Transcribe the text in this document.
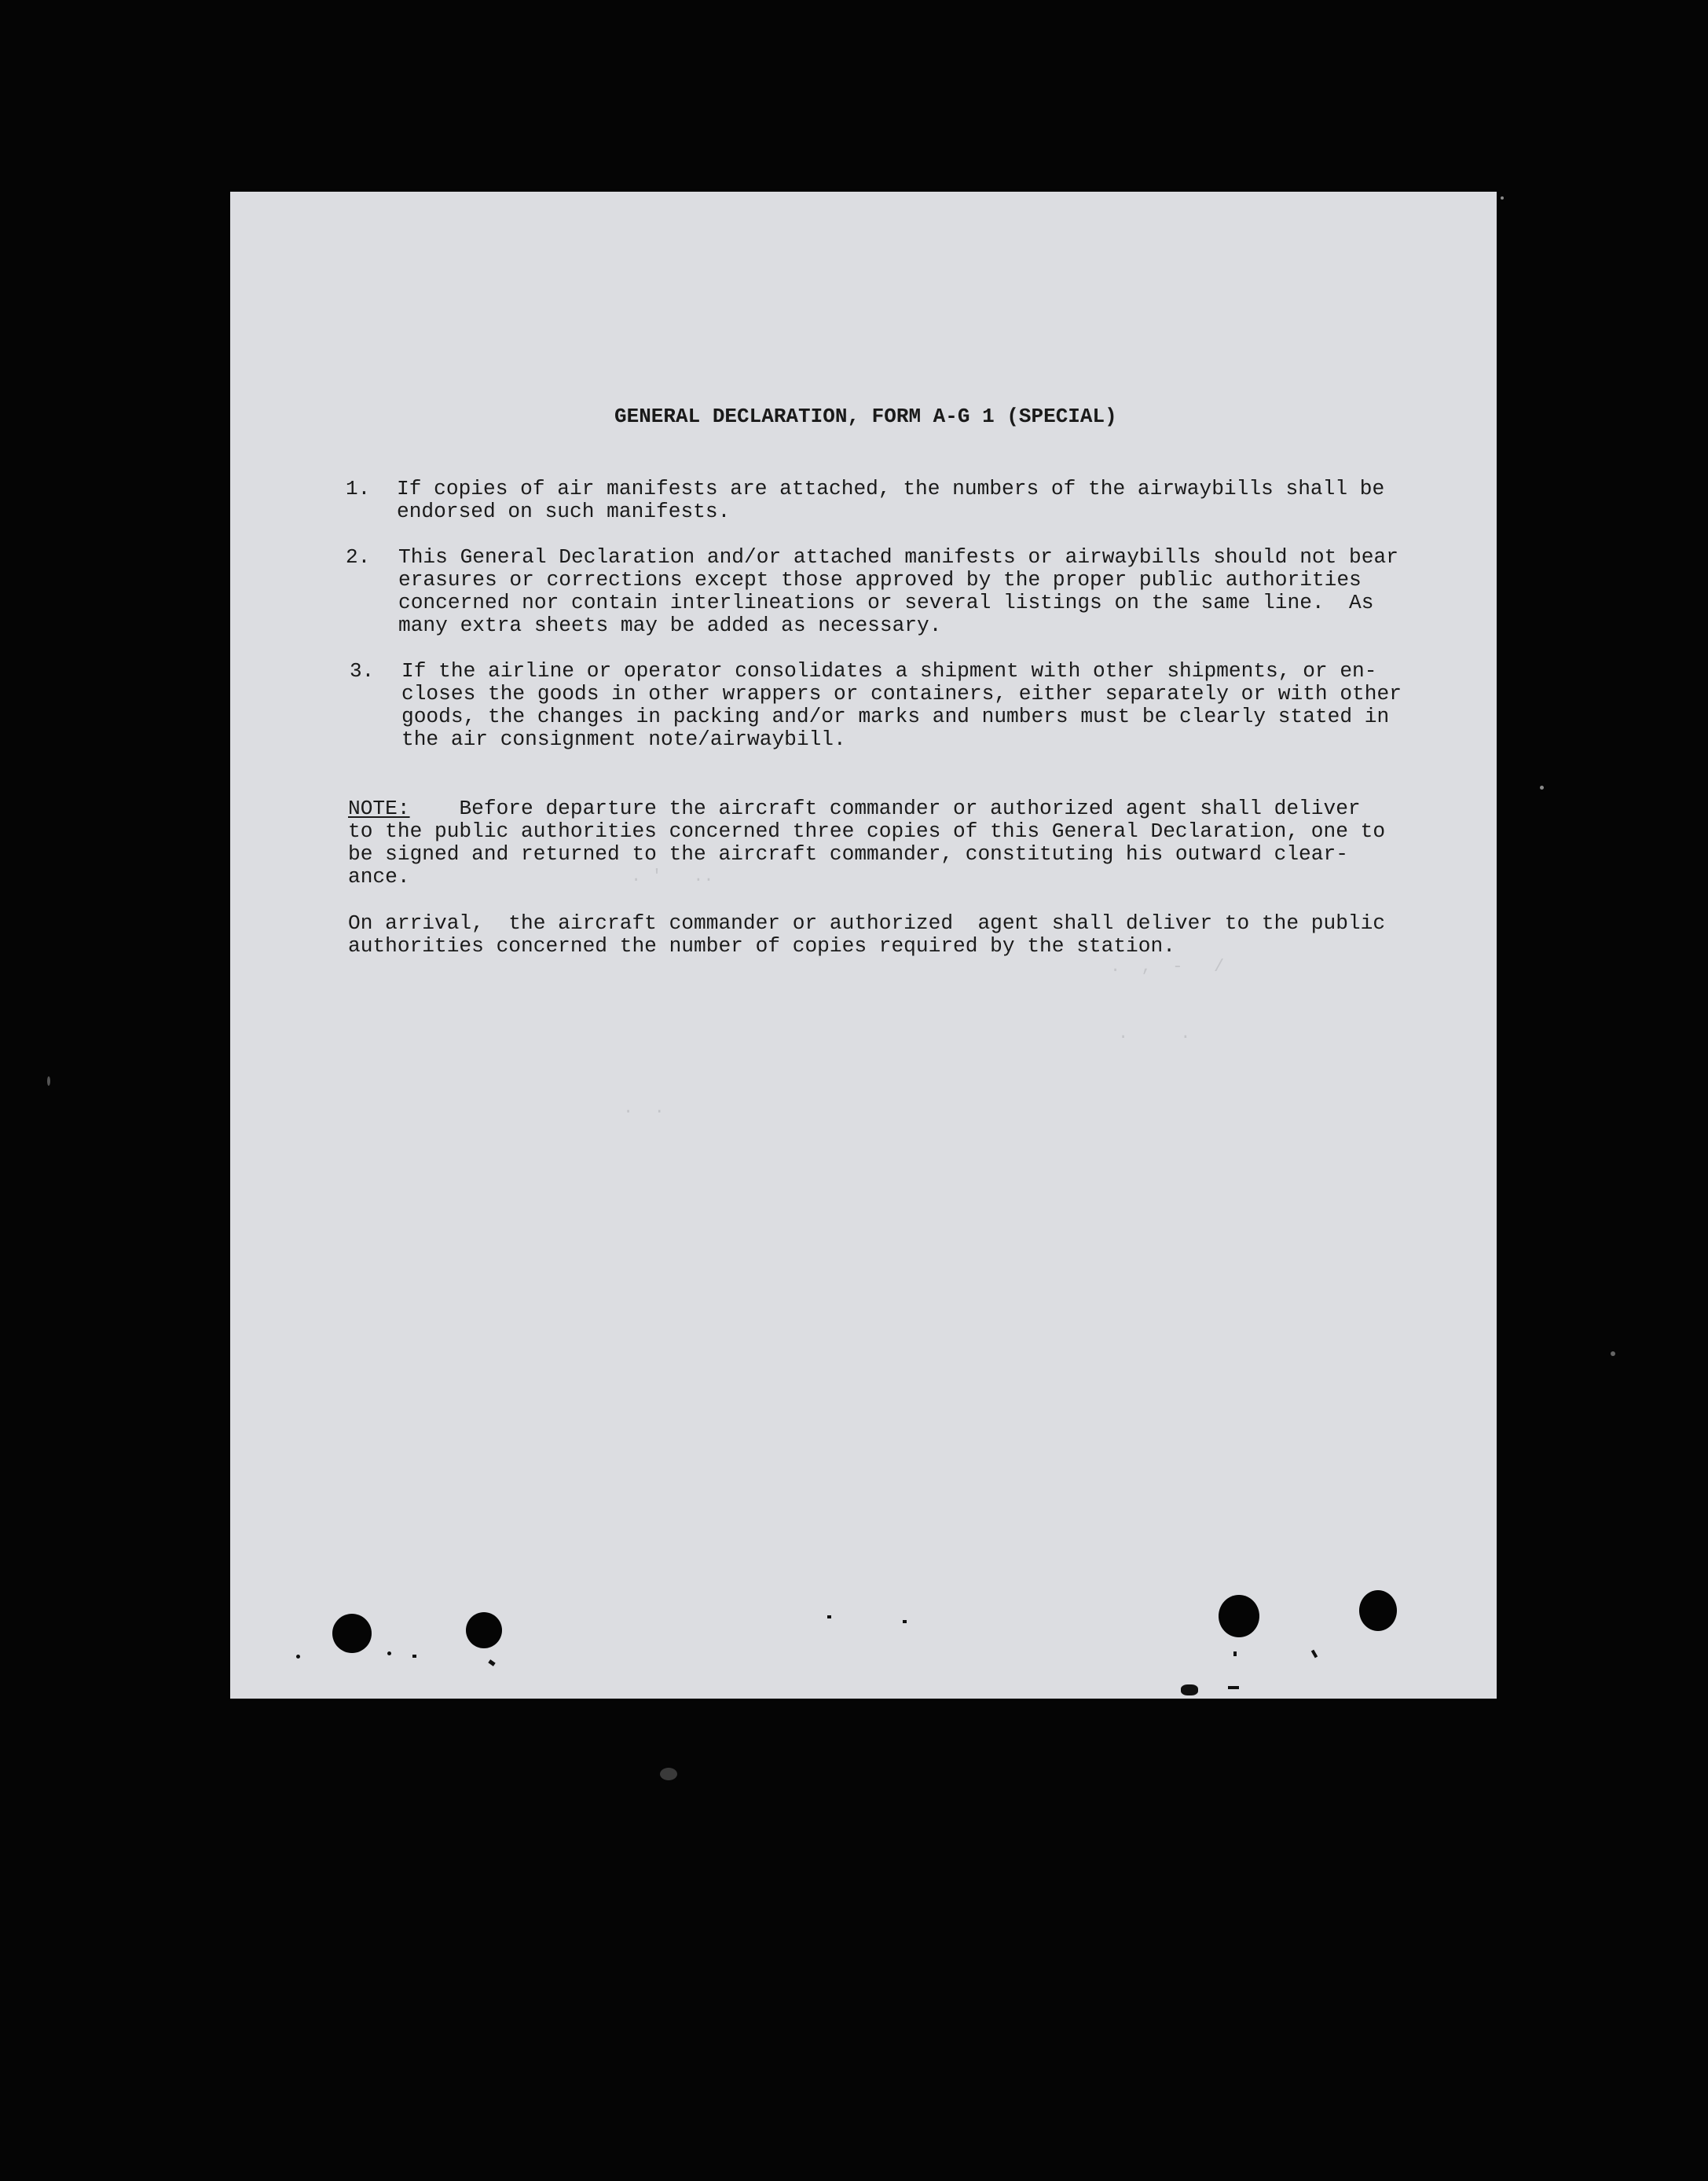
. '   ..
.  ,  -   /
.     .
.  .
GENERAL DECLARATION, FORM A-G 1 (SPECIAL)
1. If copies of air manifests are attached, the numbers of the airwaybills shall be

endorsed on such manifests.

2. This General Declaration and/or attached manifests or airwaybills should not bear

erasures or corrections except those approved by the proper public authorities

concerned nor contain interlineations or several listings on the same line.  As

many extra sheets may be added as necessary.

3. If the airline or operator consolidates a shipment with other shipments, or en-

closes the goods in other wrappers or containers, either separately or with other

goods, the changes in packing and/or marks and numbers must be clearly stated in

the air consignment note/airwaybill.

NOTE:    Before departure the aircraft commander or authorized agent shall deliver

to the public authorities concerned three copies of this General Declaration, one to

be signed and returned to the aircraft commander, constituting his outward clear-

ance.

On arrival,  the aircraft commander or authorized  agent shall deliver to the public

authorities concerned the number of copies required by the station.
